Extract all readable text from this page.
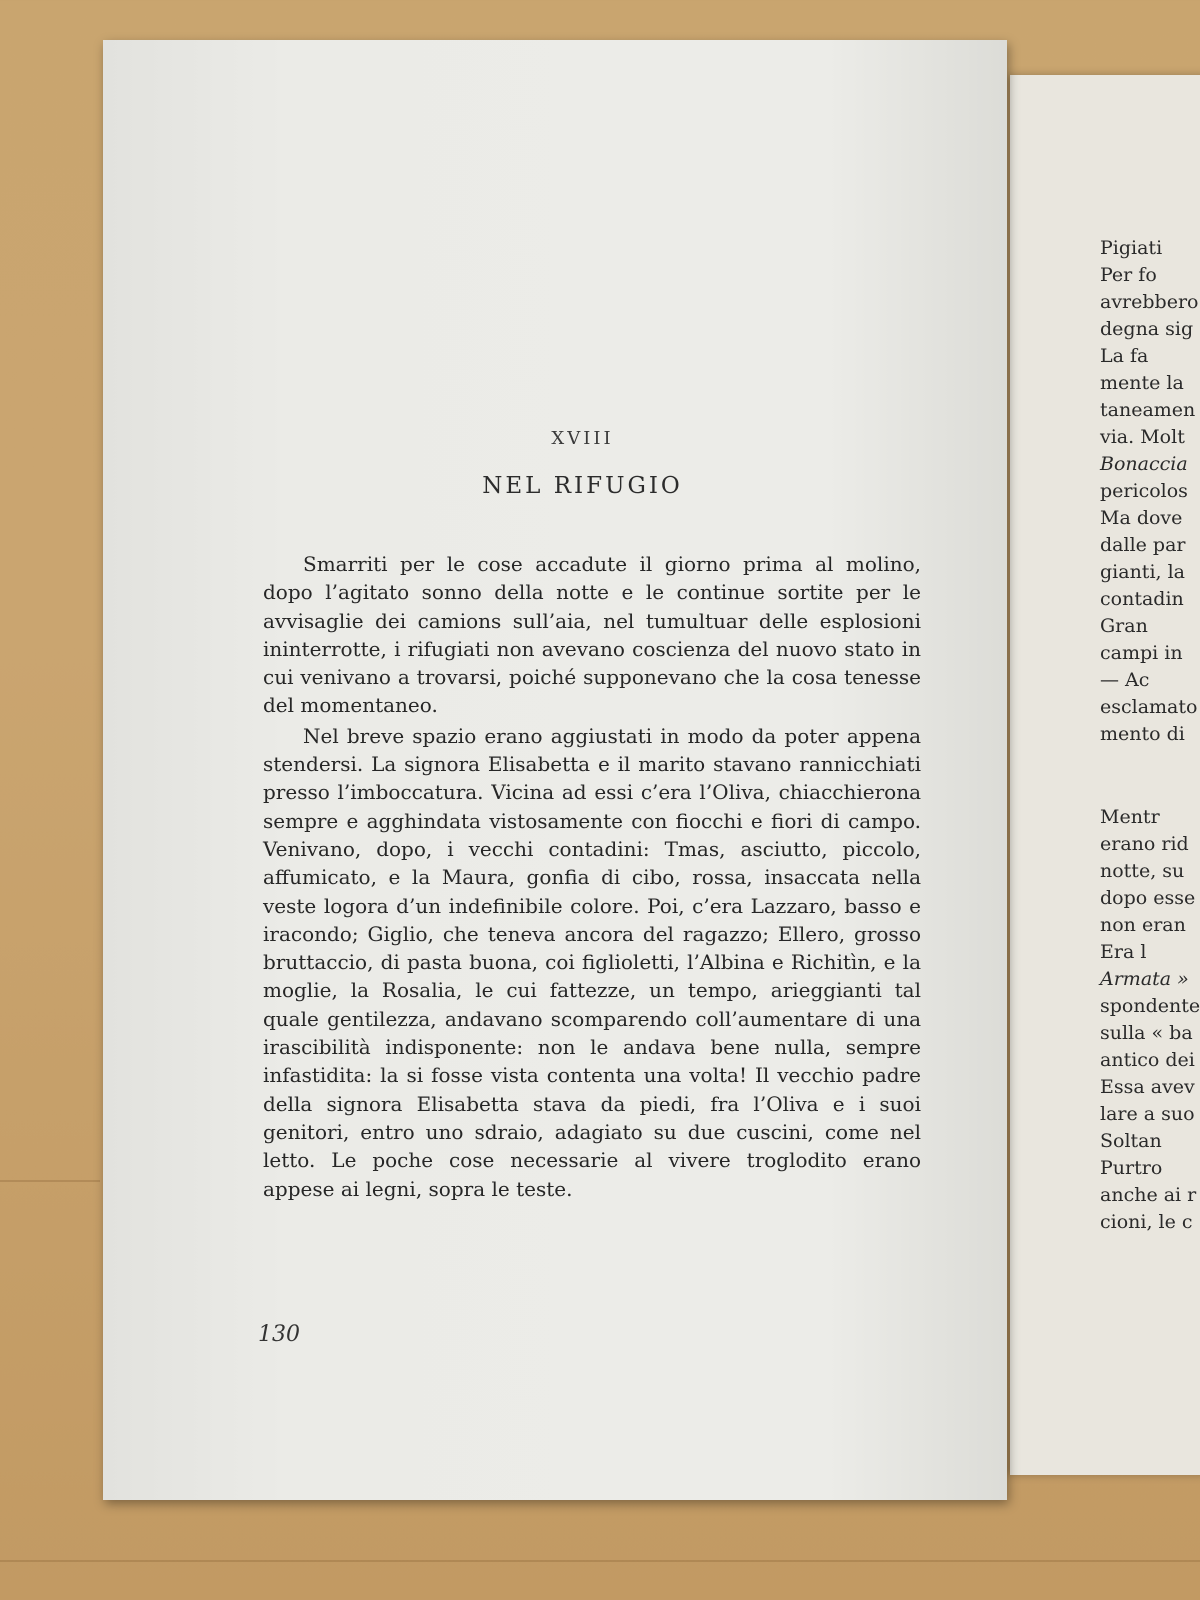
Pigiati
Per fo
avrebbero
degna sig
La fa
mente la
taneamen
via. Molt
Bonaccia
pericolos
Ma dove
dalle par
gianti, la
contadin
Gran
campi in
— Ac
esclamato
mento di
Mentr
erano rid
notte, su
dopo esse
non eran
Era l
Armata »
spondente
sulla « ba
antico dei
Essa avev
lare a suo
Soltan
Purtro
anche ai r
cioni, le c
XVIII
NEL RIFUGIO

Smarriti per le cose accadute il giorno prima al molino, dopo l’agitato sonno della notte e le continue sortite per le avvisaglie dei camions sull’aia, nel tumultuar delle esplosioni ininterrotte, i rifugiati non avevano coscienza del nuovo stato in cui venivano a trovarsi, poiché supponevano che la cosa tenesse del momentaneo.

Nel breve spazio erano aggiustati in modo da poter appena stendersi. La signora Elisabetta e il marito stavano rannicchiati presso l’imboccatura. Vicina ad essi c’era l’Oliva, chiacchierona sempre e agghindata vistosamente con fiocchi e fiori di campo. Venivano, dopo, i vecchi contadini: Tmas, asciutto, piccolo, affumicato, e la Maura, gonfia di cibo, rossa, insaccata nella veste logora d’un indefinibile colore. Poi, c’era Lazzaro, basso e iracondo; Giglio, che teneva ancora del ragazzo; Ellero, grosso bruttaccio, di pasta buona, coi figlioletti, l’Albina e Richitìn, e la moglie, la Rosalia, le cui fattezze, un tempo, arieggianti tal quale gentilezza, andavano scomparendo coll’aumentare di una irascibilità indisponente: non le andava bene nulla, sempre infastidita: la si fosse vista contenta una volta! Il vecchio padre della signora Elisabetta stava da piedi, fra l’Oliva e i suoi genitori, entro uno sdraio, adagiato su due cuscini, come nel letto. Le poche cose necessarie al vivere troglodito erano appese ai legni, sopra le teste.

130
